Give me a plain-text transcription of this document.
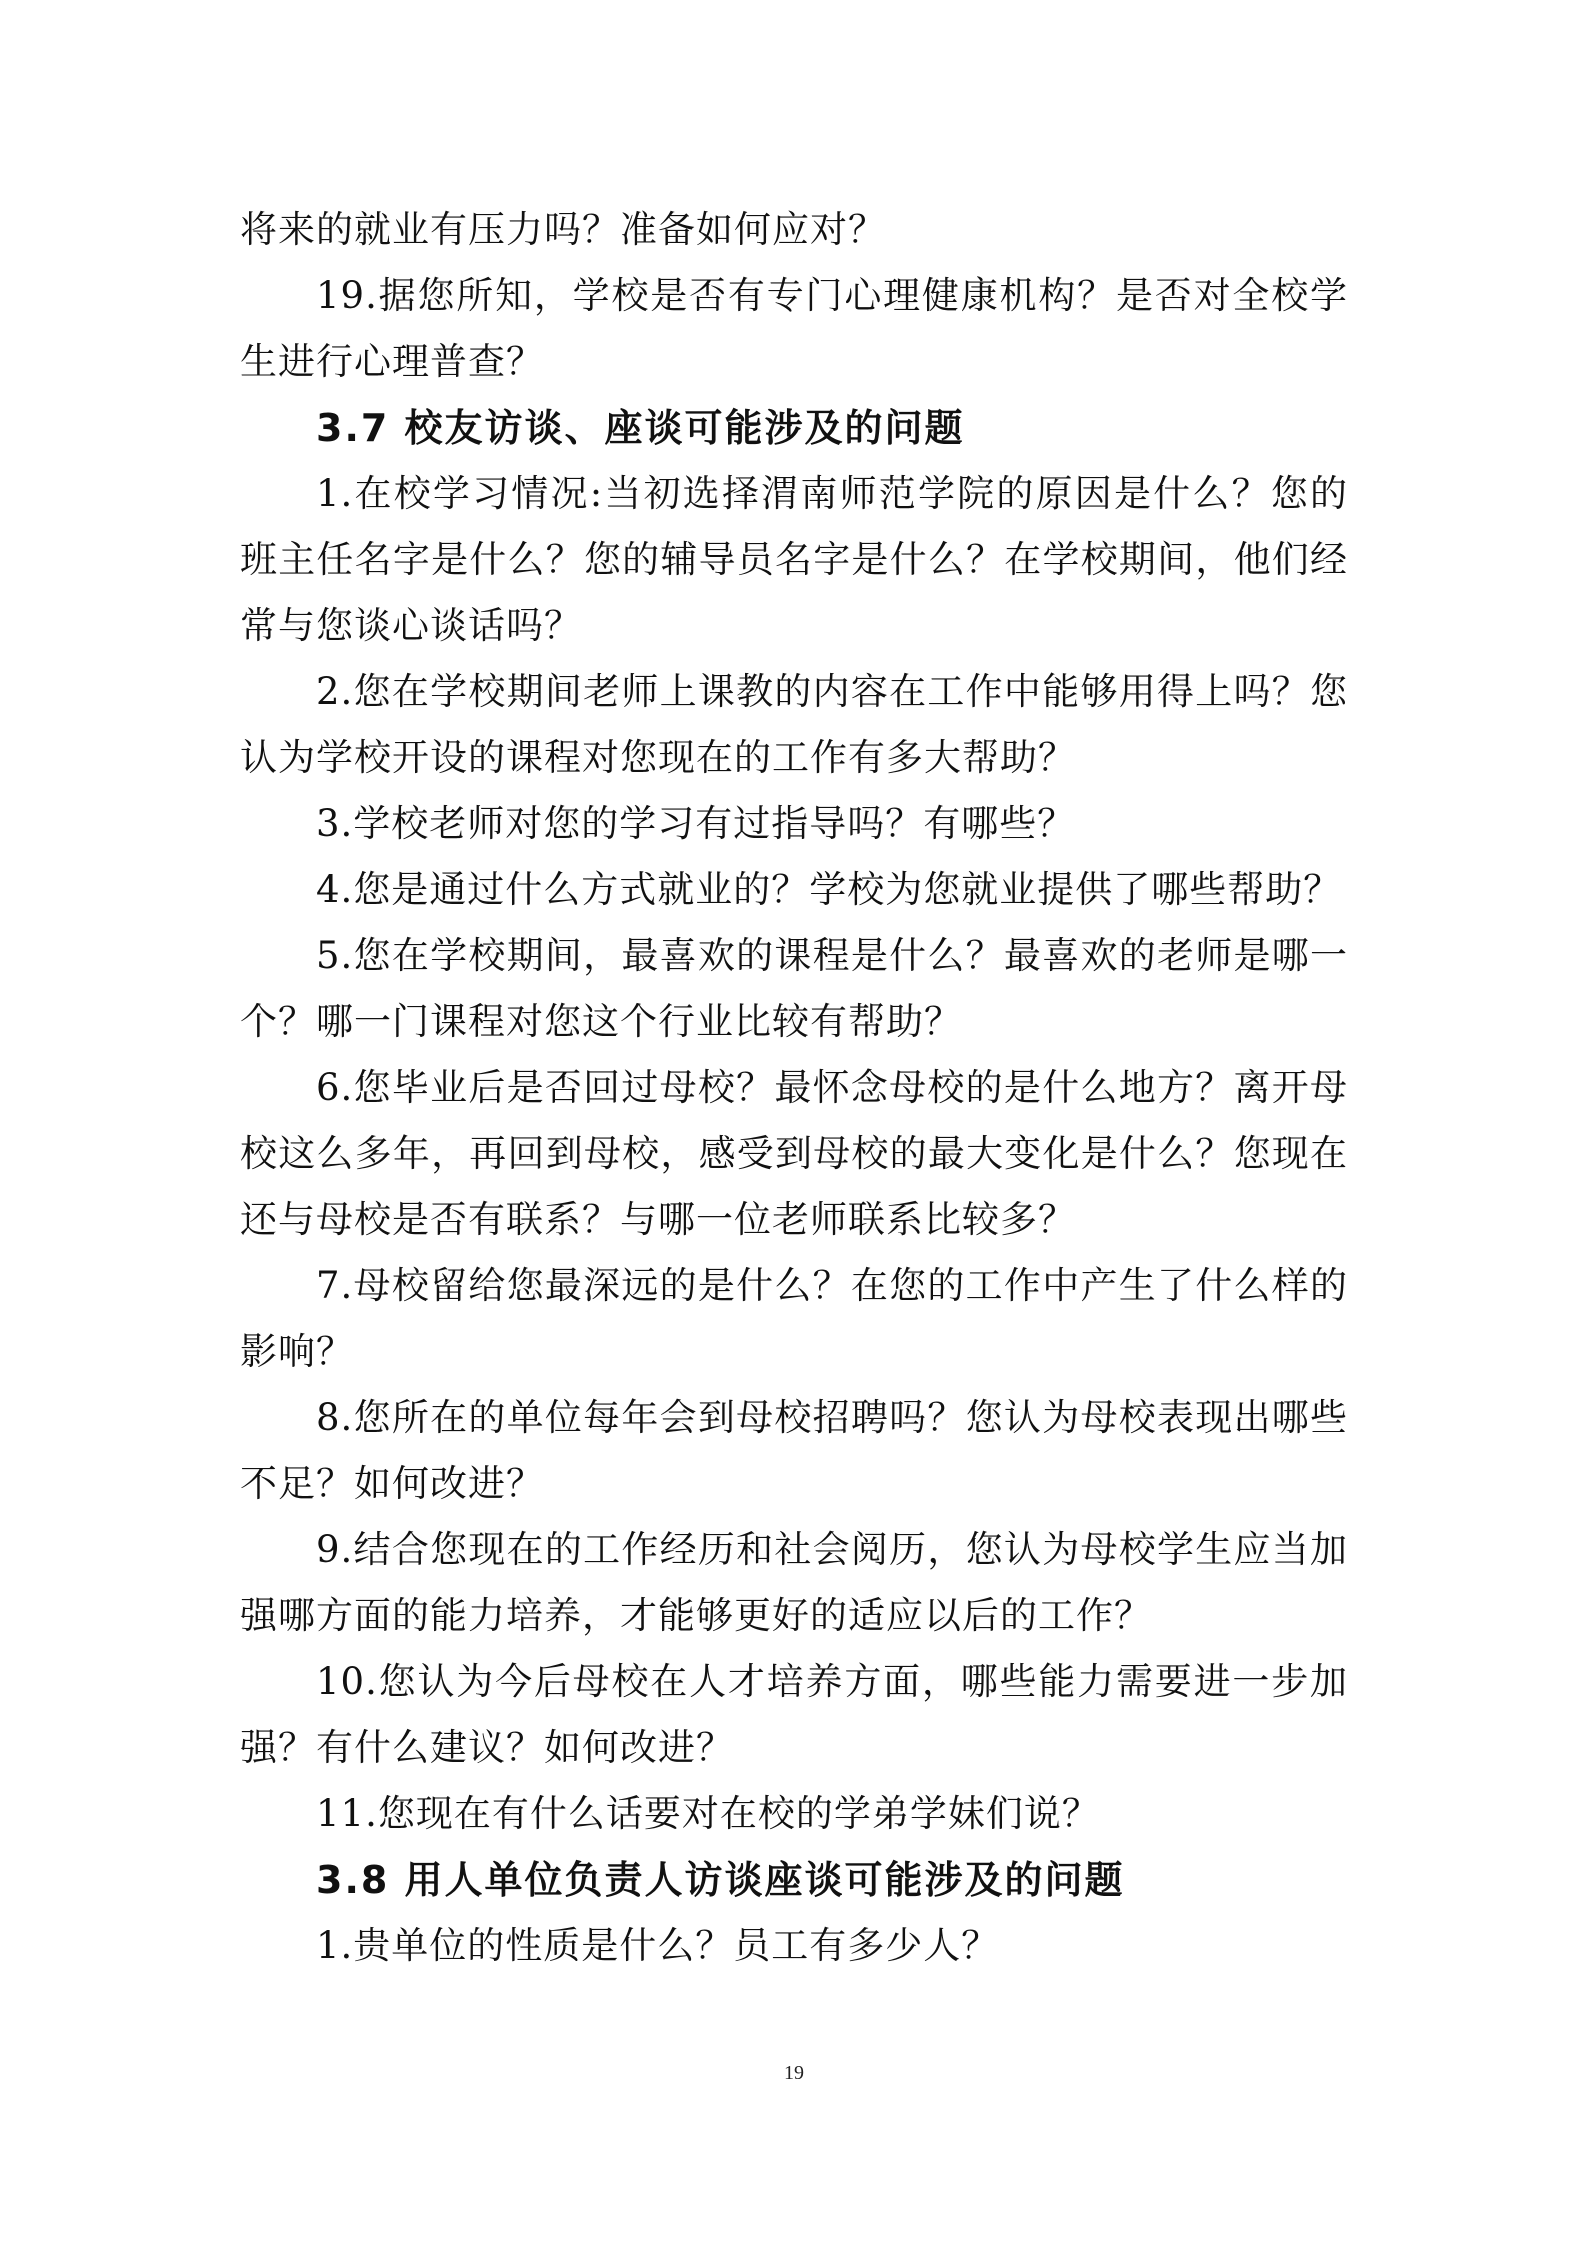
将来的就业有压力吗？准备如何应对？

19.据您所知，学校是否有专门心理健康机构？是否对全校学生进行心理普查？

3.7 校友访谈、座谈可能涉及的问题

1.在校学习情况:当初选择渭南师范学院的原因是什么？您的班主任名字是什么？您的辅导员名字是什么？在学校期间，他们经常与您谈心谈话吗？

2.您在学校期间老师上课教的内容在工作中能够用得上吗？您认为学校开设的课程对您现在的工作有多大帮助？

3.学校老师对您的学习有过指导吗？有哪些？

4.您是通过什么方式就业的？学校为您就业提供了哪些帮助？

5.您在学校期间，最喜欢的课程是什么？最喜欢的老师是哪一个？哪一门课程对您这个行业比较有帮助？

6.您毕业后是否回过母校？最怀念母校的是什么地方？离开母校这么多年，再回到母校，感受到母校的最大变化是什么？您现在还与母校是否有联系？与哪一位老师联系比较多？

7.母校留给您最深远的是什么？在您的工作中产生了什么样的影响？

8.您所在的单位每年会到母校招聘吗？您认为母校表现出哪些不足？如何改进？

9.结合您现在的工作经历和社会阅历，您认为母校学生应当加强哪方面的能力培养，才能够更好的适应以后的工作？

10.您认为今后母校在人才培养方面，哪些能力需要进一步加强？有什么建议？如何改进？

11.您现在有什么话要对在校的学弟学妹们说？

3.8 用人单位负责人访谈座谈可能涉及的问题

1.贵单位的性质是什么？员工有多少人？

19
